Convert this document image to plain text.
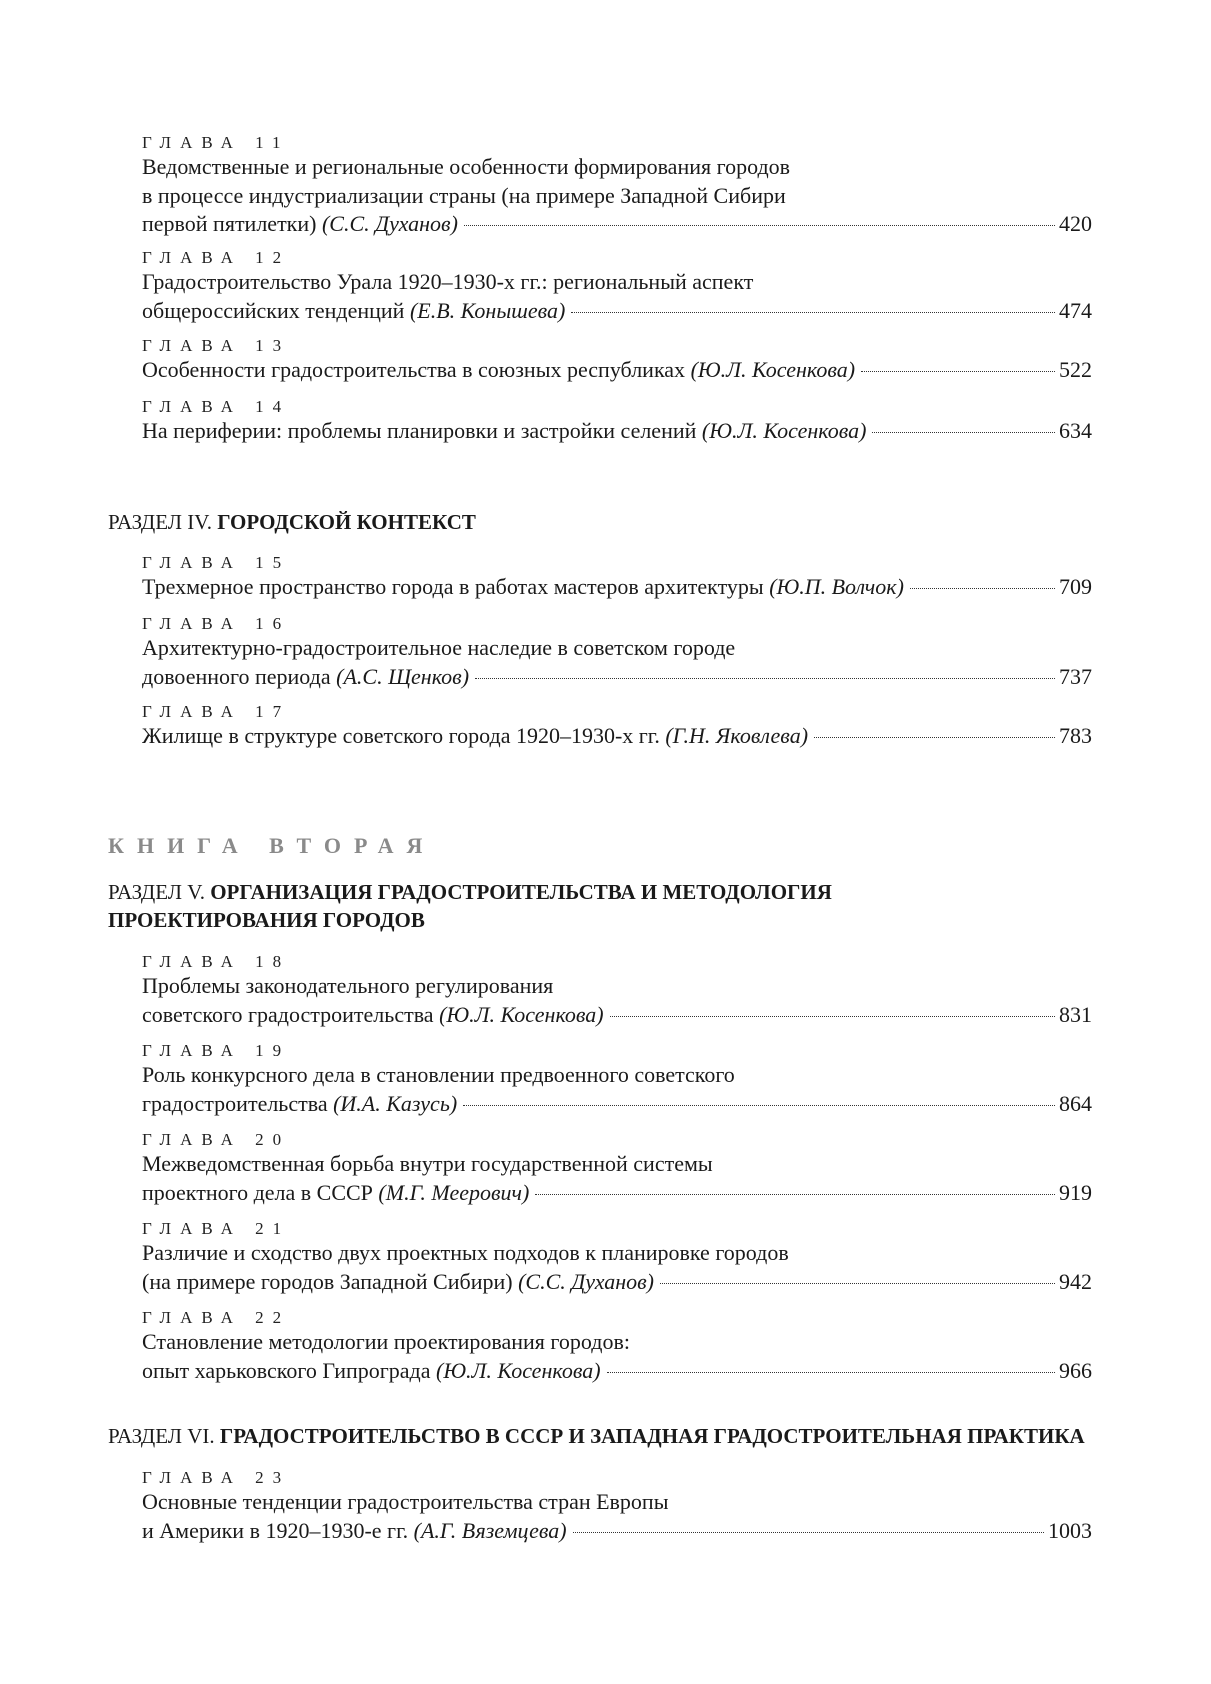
ГЛАВА 11
Ведомственные и региональные особенности формирования городов
в процессе индустриализации страны (на примере Западной Сибири
первой пятилетки) (С.С. Духанов)	420
ГЛАВА 12
Градостроительство Урала 1920–1930-х гг.: региональный аспект
общероссийских тенденций (Е.В. Конышева)	474
ГЛАВА 13
Особенности градостроительства в союзных республиках (Ю.Л. Косенкова)	522
ГЛАВА 14
На периферии: проблемы планировки и застройки селений (Ю.Л. Косенкова)	634
РАЗДЕЛ IV. ГОРОДСКОЙ КОНТЕКСТ
ГЛАВА 15
Трехмерное пространство города в работах мастеров архитектуры (Ю.П. Волчок)	709
ГЛАВА 16
Архитектурно-градостроительное наследие в советском городе
довоенного периода (А.С. Щенков)	737
ГЛАВА 17
Жилище в структуре советского города 1920–1930-х гг. (Г.Н. Яковлева)	783
КНИГА ВТОРАЯ
РАЗДЕЛ V. ОРГАНИЗАЦИЯ ГРАДОСТРОИТЕЛЬСТВА И МЕТОДОЛОГИЯ
ПРОЕКТИРОВАНИЯ ГОРОДОВ
ГЛАВА 18
Проблемы законодательного регулирования
советского градостроительства (Ю.Л. Косенкова)	831
ГЛАВА 19
Роль конкурсного дела в становлении предвоенного советского
градостроительства (И.А. Казусь)	864
ГЛАВА 20
Межведомственная борьба внутри государственной системы
проектного дела в СССР (М.Г. Меерович)	919
ГЛАВА 21
Различие и сходство двух проектных подходов к планировке городов
(на примере городов Западной Сибири) (С.С. Духанов)	942
ГЛАВА 22
Становление методологии проектирования городов:
опыт харьковского Гипрограда (Ю.Л. Косенкова)	966
РАЗДЕЛ VI. ГРАДОСТРОИТЕЛЬСТВО В СССР И ЗАПАДНАЯ ГРАДОСТРОИТЕЛЬНАЯ ПРАКТИКА
ГЛАВА 23
Основные тенденции градостроительства стран Европы
и Америки в 1920–1930-е гг. (А.Г. Вяземцева)	1003
